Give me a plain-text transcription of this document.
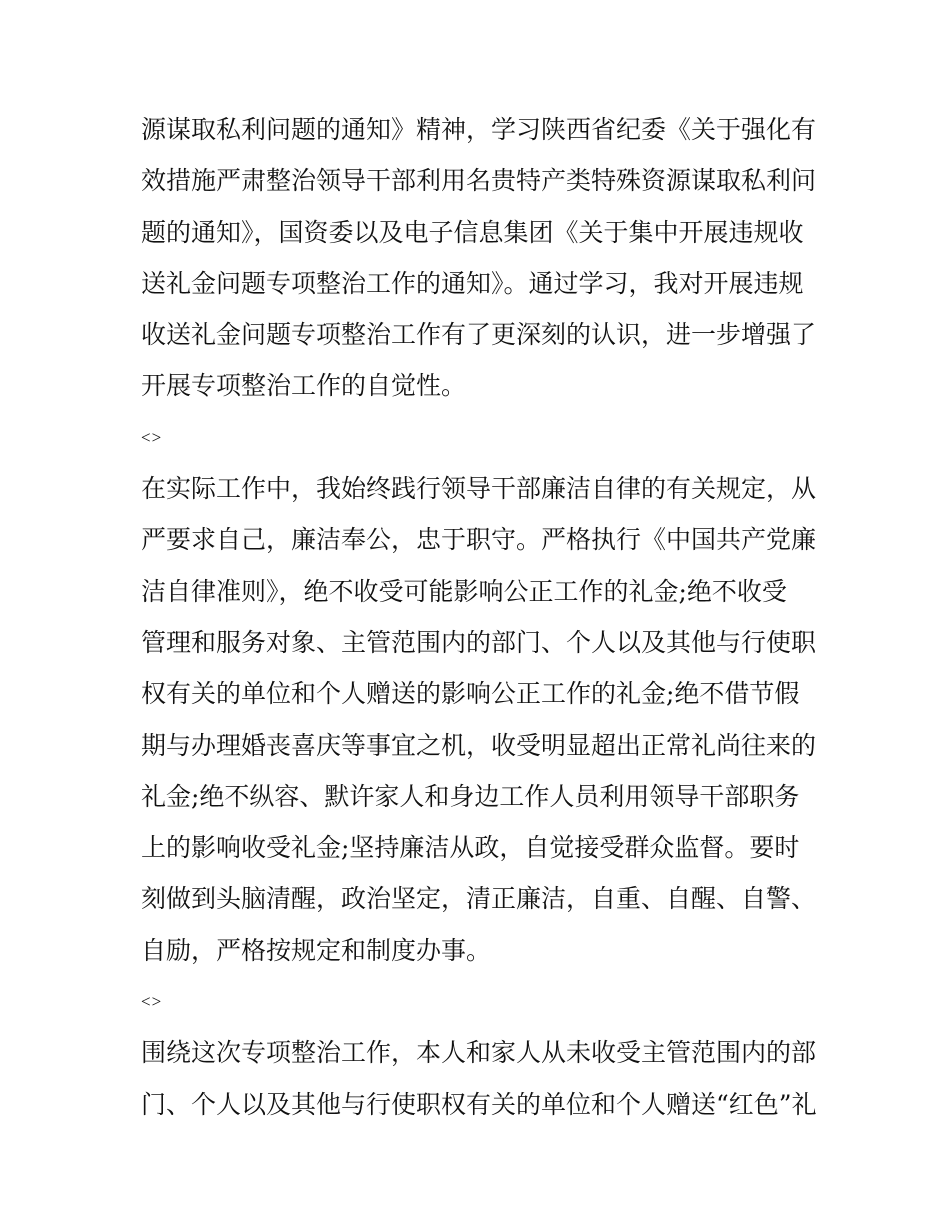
源谋取私利问题的通知》精神，学习陕西省纪委《关于强化有
效措施严肃整治领导干部利用名贵特产类特殊资源谋取私利问
题的通知》，国资委以及电子信息集团《关于集中开展违规收
送礼金问题专项整治工作的通知》。通过学习，我对开展违规
收送礼金问题专项整治工作有了更深刻的认识，进一步增强了
开展专项整治工作的自觉性。
<>
在实际工作中，我始终践行领导干部廉洁自律的有关规定，从
严要求自己，廉洁奉公，忠于职守。严格执行《中国共产党廉
洁自律准则》，绝不收受可能影响公正工作的礼金;绝不收受
管理和服务对象、主管范围内的部门、个人以及其他与行使职
权有关的单位和个人赠送的影响公正工作的礼金;绝不借节假
期与办理婚丧喜庆等事宜之机，收受明显超出正常礼尚往来的
礼金;绝不纵容、默许家人和身边工作人员利用领导干部职务
上的影响收受礼金;坚持廉洁从政，自觉接受群众监督。要时
刻做到头脑清醒，政治坚定，清正廉洁，自重、自醒、自警、
自励，严格按规定和制度办事。
<>
围绕这次专项整治工作，本人和家人从未收受主管范围内的部
门、个人以及其他与行使职权有关的单位和个人赠送“红色”礼
